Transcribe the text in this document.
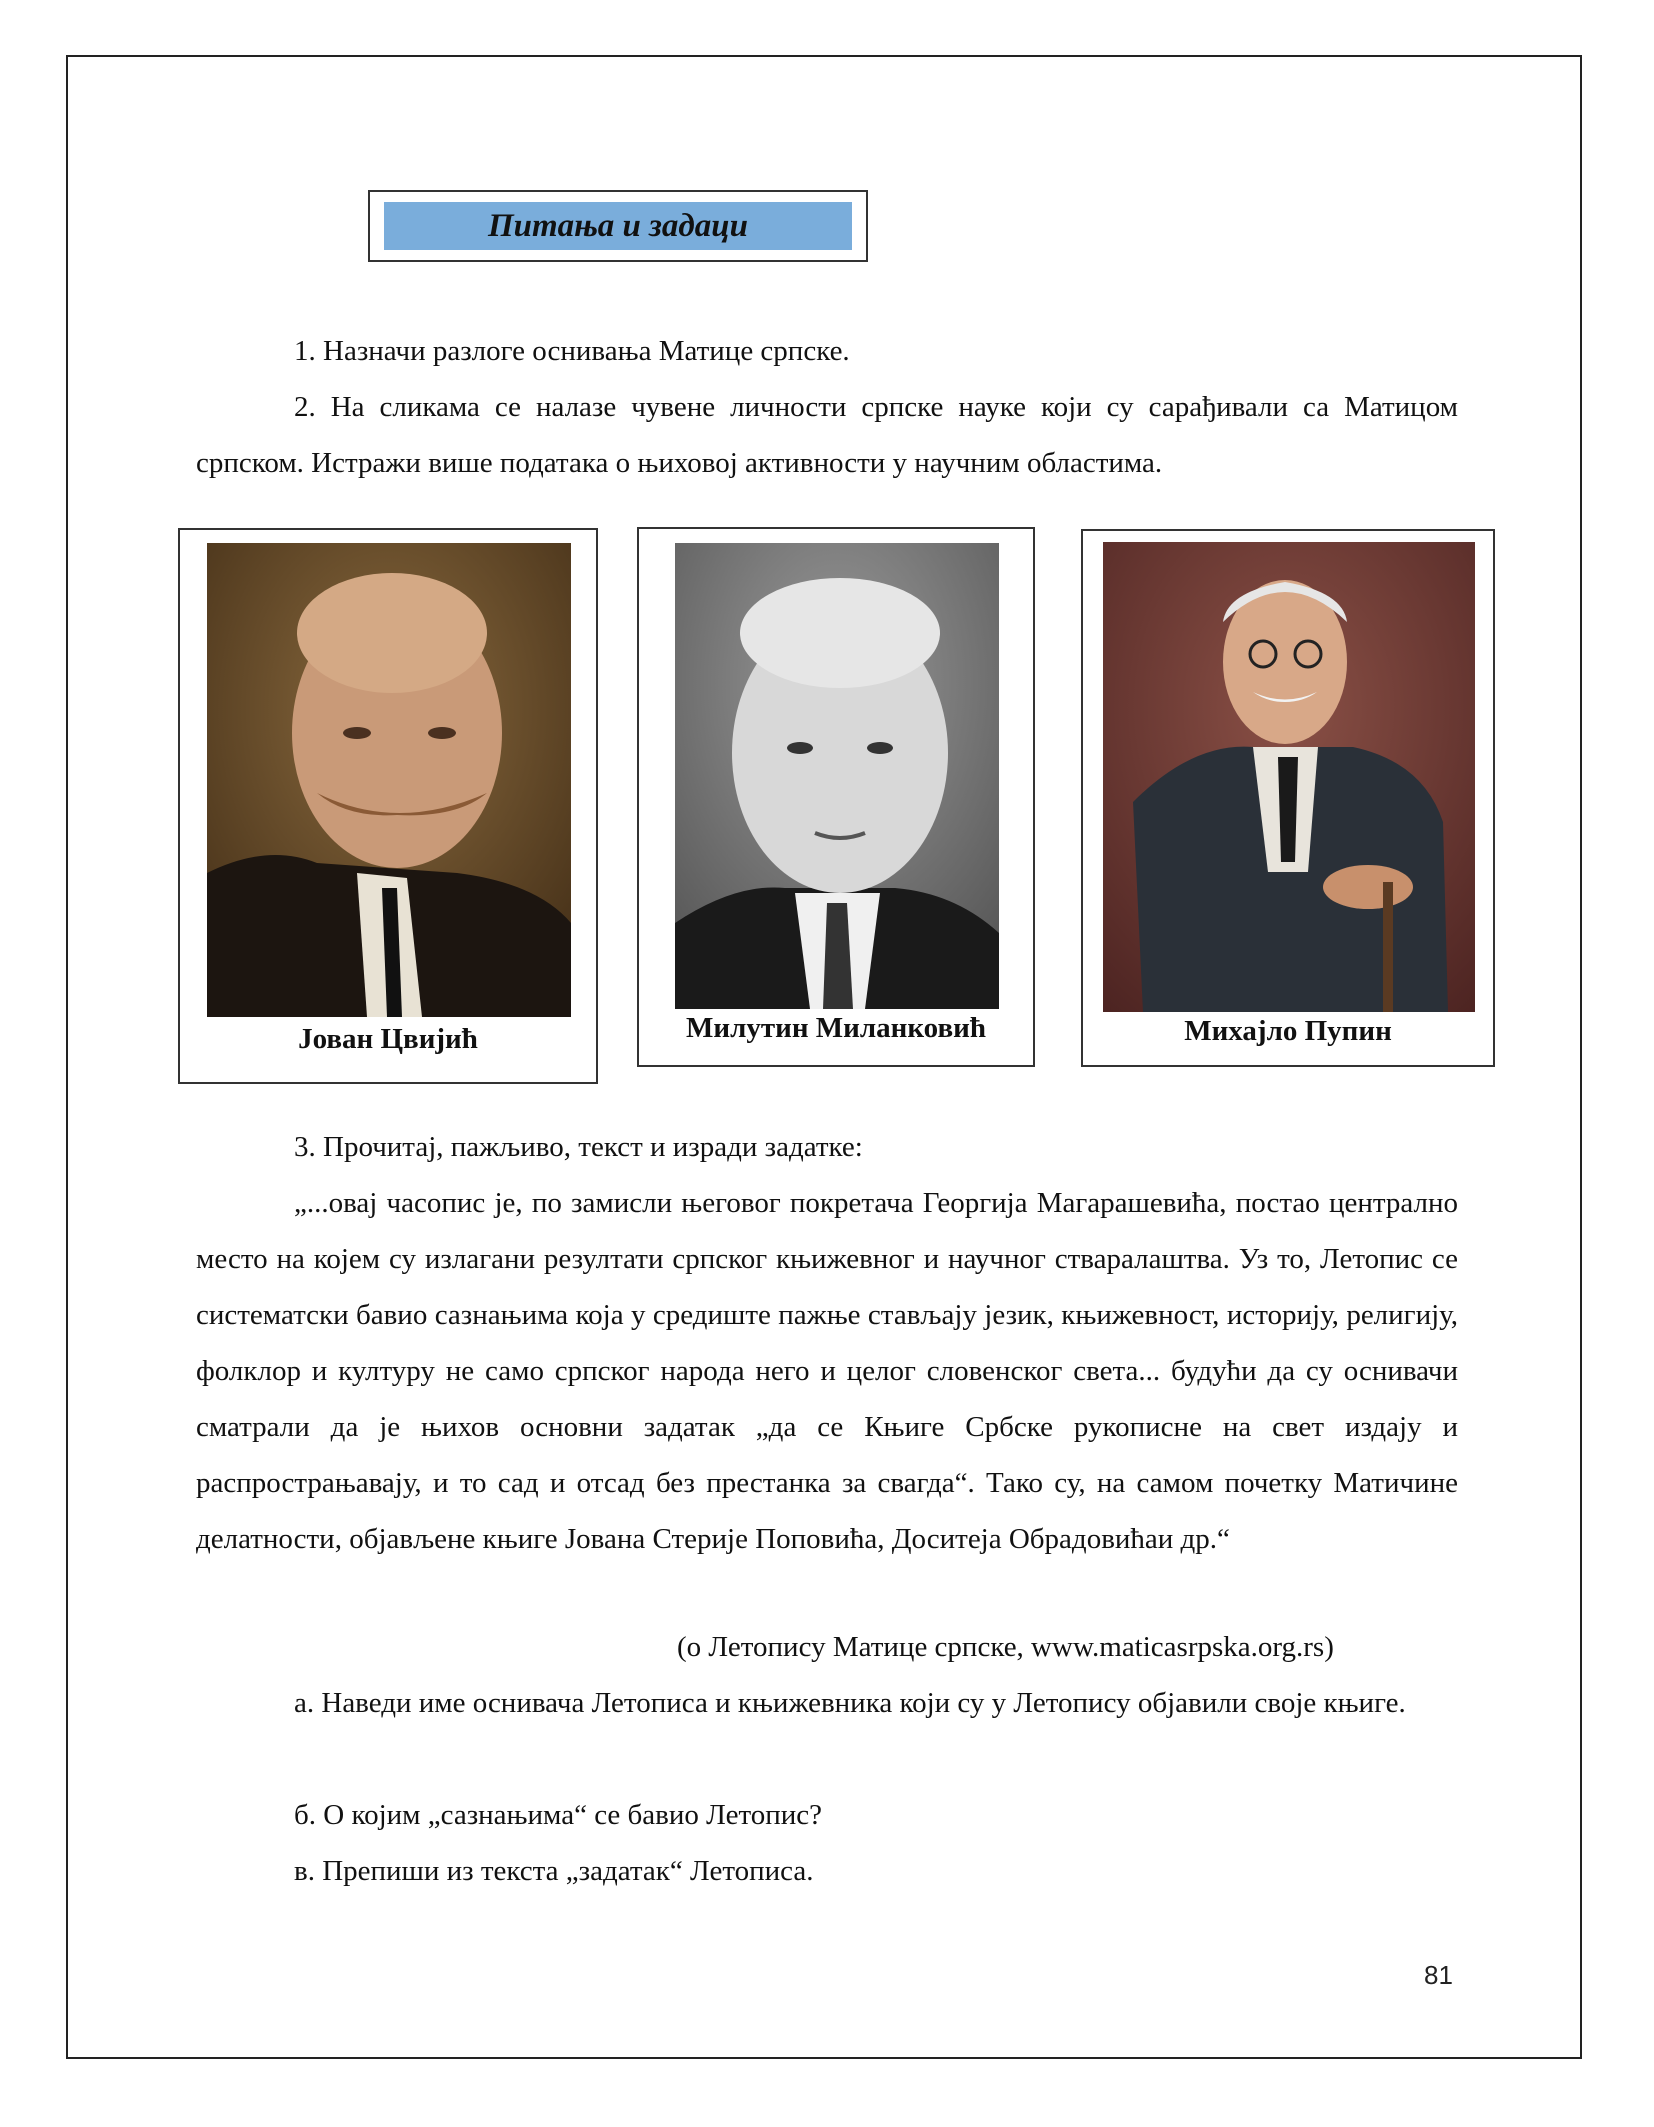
Питања и задаци

1. Назначи разлоге оснивања Матице српске.

2. На сликама се налазе чувене личности српске науке који су сарађивали са Матицом српском. Истражи више података о њиховој активности у научним областима.

Јован Цвијић	Милутин Миланковић	Михајло Пупин

3. Прочитај, пажљиво, текст и изради задатке:

„...овај часопис је, по замисли његовог покретача Георгија Магарашевића, постао централно место на којем су излагани резултати српског књижевног и научног стваралаштва. Уз то, Летопис се систематски бавио сазнањима која у средиште пажње стављају језик, књижевност, историју, религију, фолклор и културу не само српског народа него и целог словенског света... будући да су оснивачи сматрали да је њихов основни задатак „да се Књиге Србске рукописне на свет издају и распрострањавају, и то сад и отсад без престанка за свагда“. Тако су, на самом почетку Матичине делатности, објављене књиге Јована Стерије Поповића, Доситеја Обрадовићаи др.“

(о Летопису Матице српске, www.maticasrpska.org.rs)

а. Наведи име оснивача Летописа и књижевника који су у Летопису објавили своје књиге.

б. О којим „сазнањима“ се бавио Летопис?

в. Препиши из текста „задатак“ Летописа.

81
